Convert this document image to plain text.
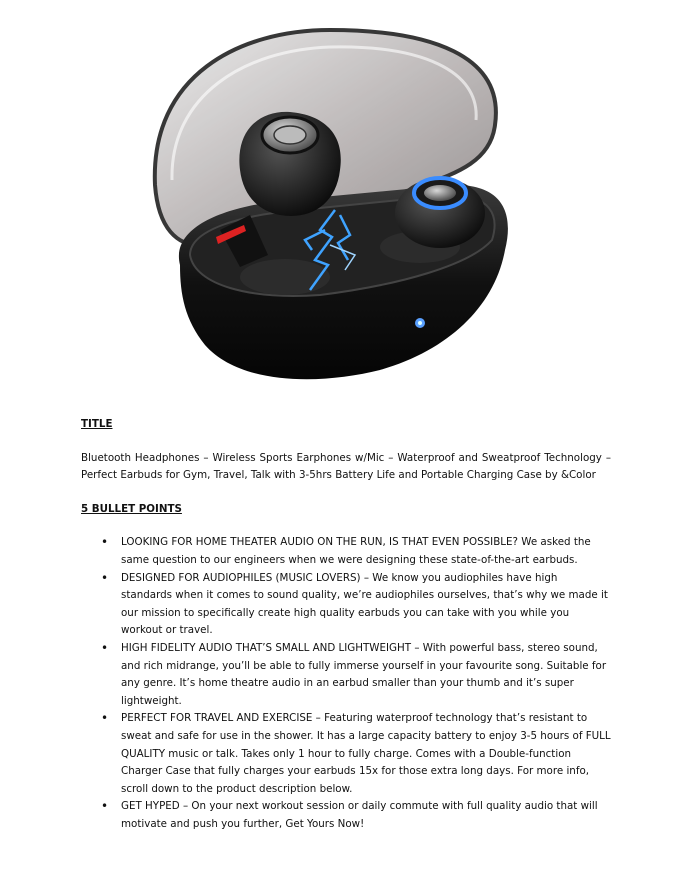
TITLE

Bluetooth Headphones – Wireless Sports Earphones w/Mic – Waterproof and Sweatproof Technology – Perfect Earbuds for Gym, Travel, Talk with 3-5hrs Battery Life and Portable Charging Case by &Color

5 BULLET POINTS

• LOOKING FOR HOME THEATER AUDIO ON THE RUN, IS THAT EVEN POSSIBLE? We asked the same question to our engineers when we were designing these state-of-the-art earbuds.
• DESIGNED FOR AUDIOPHILES (MUSIC LOVERS) – We know you audiophiles have high standards when it comes to sound quality, we’re audiophiles ourselves, that’s why we made it our mission to specifically create high quality earbuds you can take with you while you workout or travel.
• HIGH FIDELITY AUDIO THAT’S SMALL AND LIGHTWEIGHT – With powerful bass, stereo sound, and rich midrange, you’ll be able to fully immerse yourself in your favourite song. Suitable for any genre. It’s home theatre audio in an earbud smaller than your thumb and it’s super lightweight.
• PERFECT FOR TRAVEL AND EXERCISE – Featuring waterproof technology that’s resistant to sweat and safe for use in the shower. It has a large capacity battery to enjoy 3-5 hours of FULL QUALITY music or talk. Takes only 1 hour to fully charge. Comes with a Double-function Charger Case that fully charges your earbuds 15x for those extra long days. For more info, scroll down to the product description below.
• GET HYPED – On your next workout session or daily commute with full quality audio that will motivate and push you further, Get Yours Now!
